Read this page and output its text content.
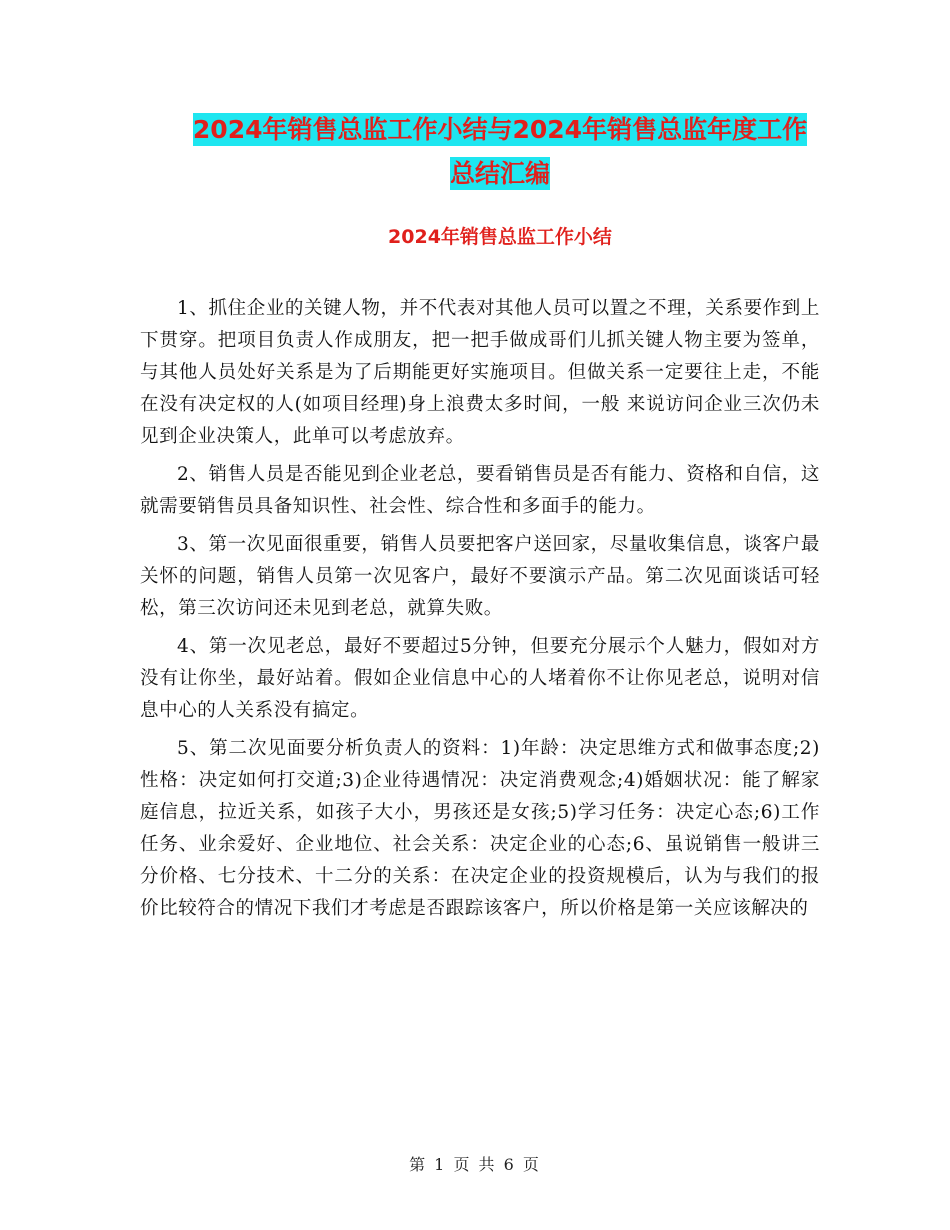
2024年销售总监工作小结与2024年销售总监年度工作
总结汇编
2024年销售总监工作小结

1、抓住企业的关键人物，并不代表对其他人员可以置之不理，关系要作到上下贯穿。把项目负责人作成朋友，把一把手做成哥们儿抓关键人物主要为签单，与其他人员处好关系是为了后期能更好实施项目。但做关系一定要往上走，不能在没有决定权的人(如项目经理)身上浪费太多时间，一般 来说访问企业三次仍未见到企业决策人，此单可以考虑放弃。

2、销售人员是否能见到企业老总，要看销售员是否有能力、资格和自信，这就需要销售员具备知识性、社会性、综合性和多面手的能力。

3、第一次见面很重要，销售人员要把客户送回家，尽量收集信息，谈客户最关怀的问题，销售人员第一次见客户，最好不要演示产品。第二次见面谈话可轻松，第三次访问还未见到老总，就算失败。

4、第一次见老总，最好不要超过5分钟，但要充分展示个人魅力，假如对方没有让你坐，最好站着。假如企业信息中心的人堵着你不让你见老总，说明对信息中心的人关系没有搞定。

5、第二次见面要分析负责人的资料：1)年龄：决定思维方式和做事态度;2)性格：决定如何打交道;3)企业待遇情况：决定消费观念;4)婚姻状况：能了解家庭信息，拉近关系，如孩子大小，男孩还是女孩;5)学习任务：决定心态;6)工作任务、业余爱好、企业地位、社会关系：决定企业的心态;6、虽说销售一般讲三分价格、七分技术、十二分的关系：在决定企业的投资规模后，认为与我们的报价比较符合的情况下我们才考虑是否跟踪该客户，所以价格是第一关应该解决的

第 1 页 共 6 页
